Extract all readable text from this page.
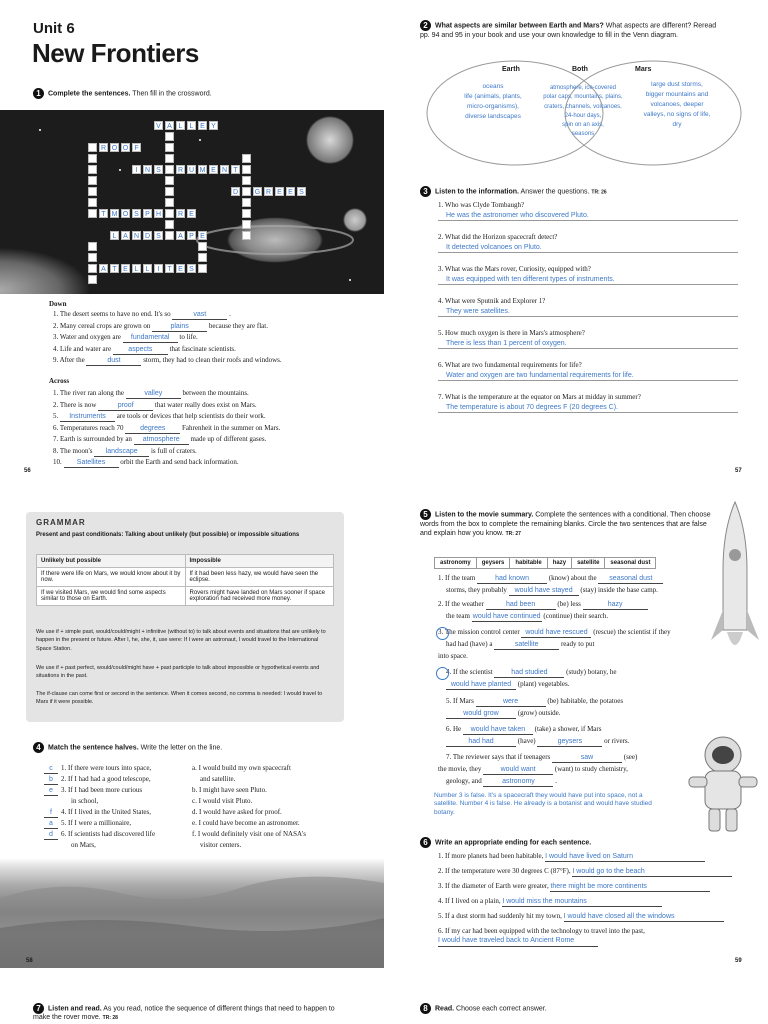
Unit 6
New Frontiers
1 Complete the sentences. Then fill in the crossword.
V A L	L E Y
R O O F
I	N S	R U M E N T
D G R E E S
T M O S P H R E
L A N D S	A P E
A T E L	L	I	T E S
Down
1. The desert seems to have no end. It's so	vast	.
2. Many cereal crops are grown on	plains	because they are flat.
3. Water and oxygen are fundamental to life.
4. Life and water are aspects that fascinate scientists.
9. After the	dust	storm, they had to clean their roofs and windows.
Across
1. The river ran along the	valley	between the mountains.
2. There is now	proof	that water really does exist on Mars.
5. Instruments are tools or devices that help scientists do their work.
6. Temperatures reach 70 degrees Fahrenheit in the summer on Mars.
7. Earth is surrounded by an atmosphere made up of different gases.
8. The moon's landscape is full of craters.
10. Satellites orbit the Earth and send back information.
56
2 What aspects are similar between Earth and Mars? What aspects are different? Reread pp. 94 and 95 in your book and use your own knowledge to fill in the Venn diagram.
Earth	Both	Mars
oceans
life (animals, plants,
micro-organisms),
diverse landscapes
atmosphere, ice-covered
polar caps, mountains, plains,
craters, channels, volcanoes,
24-hour days,
spin on an axis,
seasons
large dust storms,
bigger mountains and
volcanoes, deeper
valleys, no signs of life,
dry
3 Listen to the information. Answer the questions. TR: 26
1. Who was Clyde Tombaugh?
He was the astronomer who discovered Pluto.
2. What did the Horizon spacecraft detect?
It detected volcanoes on Pluto.
3. What was the Mars rover, Curiosity, equipped with?
It was equipped with ten different types of instruments.
4. What were Sputnik and Explorer 1?
They were satellites.
5. How much oxygen is there in Mars's atmosphere?
There is less than 1 percent of oxygen.
6. What are two fundamental requirements for life?
Water and oxygen are two fundamental requirements for life.
7. What is the temperature at the equator on Mars at midday in summer?
The temperature is about 70 degrees F (20 degrees C).
57
GRAMMAR
Present and past conditionals: Talking about unlikely (but possible) or impossible situations
Unlikely but possible	Impossible
If there were life on Mars, we would know about it by now.	If it had been less hazy, we would have seen the eclipse.
If we visited Mars, we would find some aspects similar to those on Earth.	Rovers might have landed on Mars sooner if space exploration had received more money.
We use if + simple past, would/could/might + infinitive (without to) to talk about events and situations that are unlikely to happen in the present or future. After I, he, she, it, use were: If I were an astronaut, I would travel to the International Space Station.
We use if + past perfect, would/could/might have + past participle to talk about impossible or hypothetical events and situations in the past.
The if-clause can come first or second in the sentence. When it comes second, no comma is needed: I would travel to Mars if it were possible.
4 Match the sentence halves. Write the letter on the line.
c 1. If there were tours into space,
b 2. If I had had a good telescope,
e 3. If I had been more curious
in school,
f 4. If I lived in the United States,
a 5. If I were a millionaire,
d 6. If scientists had discovered life
on Mars,
a. I would build my own spacecraft
and satellite.
b. I might have seen Pluto.
c. I would visit Pluto.
d. I would have asked for proof.
e. I could have become an astronomer.
f. I would definitely visit one of NASA's
visitor centers.
58
5 Listen to the movie summary. Complete the sentences with a conditional. Then choose words from the box to complete the remaining blanks. Circle the two sentences that are false and explain how you know. TR: 27
astronomy geysers habitable hazy satellite seasonal dust
1. If the team	had known	(know) about the seasonal dust
storms, they probably would have stayed (stay) inside the base camp.
2. If the weather	had been	(be) less	hazy
the team would have continued (continue) their search.
3. The mission control center would have rescued (rescue) the scientist if they
had had (have) a	satellite	ready to put
into space.
4. If the scientist had studied (study) botany, he
would have planted (plant) vegetables.
5. If Mars	were	(be) habitable, the potatoes
would grow (grow) outside.
6. He would have taken (take) a shower, if Mars
had had	(have)	geysers	or rivers.
7. The reviewer says that if teenagers	saw	(see)
the movie, they would want (want) to study chemistry,
geology, and	astronomy	.
Number 3 is false. It's a spacecraft they would have put into space, not a satellite. Number 4 is false. He already is a botanist and would have studied botany.
6 Write an appropriate ending for each sentence.
1. If more planets had been habitable, I would have lived on Saturn
2. If the temperature were 30 degrees C (87°F), I would go to the beach
3. If the diameter of Earth were greater, there might be more continents
4. If I lived on a plain, I would miss the mountains
5. If a dust storm had suddenly hit my town, I would have closed all the windows
6. If my car had been equipped with the technology to travel into the past, I would have traveled back to Ancient Rome
59
7 Listen and read. As you read, notice the sequence of different things that need to happen to make the rover move. TR: 28
8 Read. Choose each correct answer.
